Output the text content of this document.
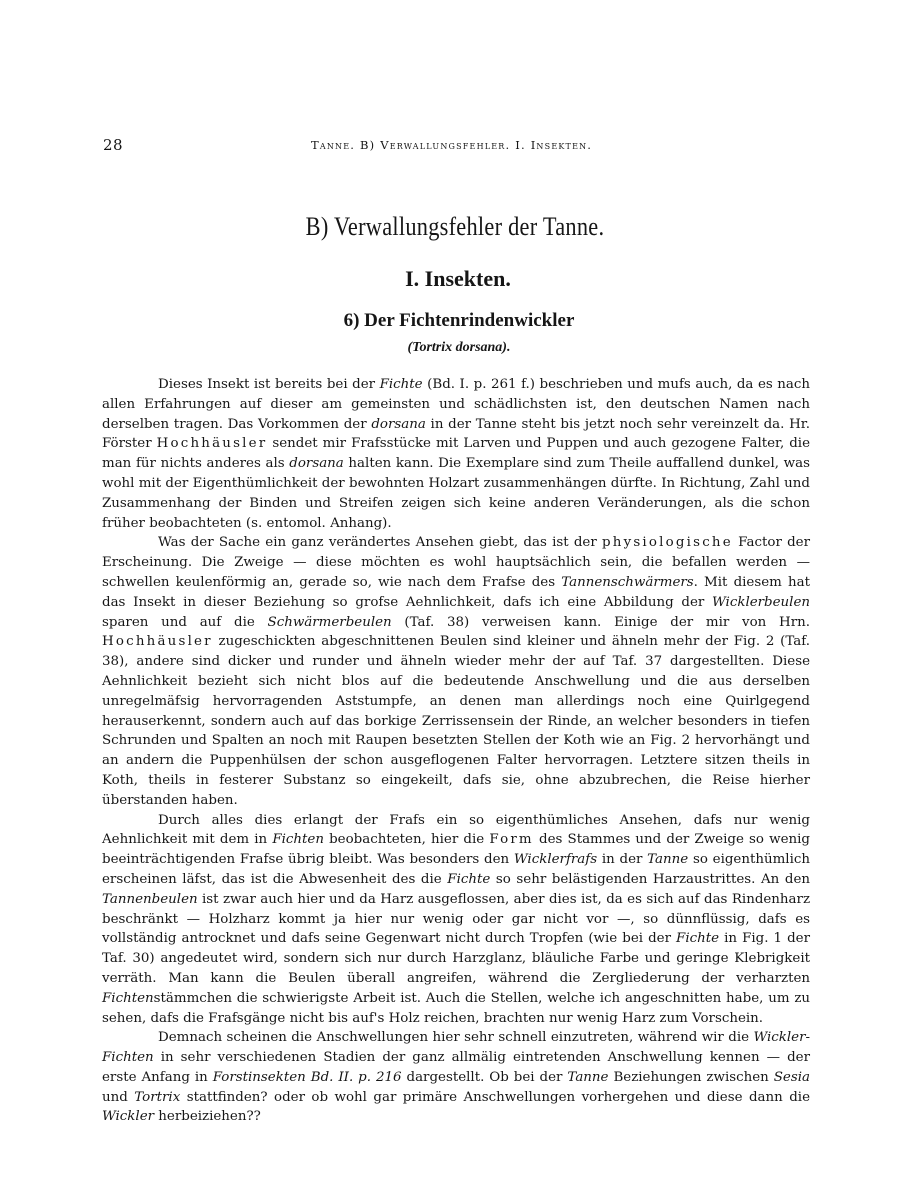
28	Tanne. B) Verwallungsfehler. I. Insekten.
B) Verwallungsfehler der Tanne.
I. Insekten.
6) Der Fichtenrindenwickler
(Tortrix dorsana).

Dieses Insekt ist bereits bei der Fichte (Bd. I. p. 261 f.) beschrieben und mufs auch, da es nach allen Erfahrungen auf dieser am gemeinsten und schädlichsten ist, den deutschen Namen nach derselben tragen. Das Vorkommen der dorsana in der Tanne steht bis jetzt noch sehr vereinzelt da. Hr. Förster Hochhäusler sendet mir Frafsstücke mit Larven und Puppen und auch gezogene Falter, die man für nichts anderes als dorsana halten kann. Die Exemplare sind zum Theile auffallend dunkel, was wohl mit der Eigenthümlichkeit der bewohnten Holzart zusammenhängen dürfte. In Richtung, Zahl und Zusammenhang der Binden und Streifen zeigen sich keine anderen Veränderungen, als die schon früher beobachteten (s. entomol. Anhang).

Was der Sache ein ganz verändertes Ansehen giebt, das ist der physiologische Factor der Erscheinung. Die Zweige — diese möchten es wohl hauptsächlich sein, die befallen werden — schwellen keulenförmig an, gerade so, wie nach dem Frafse des Tannenschwärmers. Mit diesem hat das Insekt in dieser Beziehung so grofse Aehnlichkeit, dafs ich eine Abbildung der Wicklerbeulen sparen und auf die Schwärmerbeulen (Taf. 38) verweisen kann. Einige der mir von Hrn. Hochhäusler zugeschickten abgeschnittenen Beulen sind kleiner und ähneln mehr der Fig. 2 (Taf. 38), andere sind dicker und runder und ähneln wieder mehr der auf Taf. 37 dargestellten. Diese Aehnlichkeit bezieht sich nicht blos auf die bedeutende Anschwellung und die aus derselben unregelmäfsig hervorragenden Aststumpfe, an denen man allerdings noch eine Quirlgegend herauserkennt, sondern auch auf das borkige Zerrissensein der Rinde, an welcher besonders in tiefen Schrunden und Spalten an noch mit Raupen besetzten Stellen der Koth wie an Fig. 2 hervorhängt und an andern die Puppenhülsen der schon ausgeflogenen Falter hervorragen. Letztere sitzen theils in Koth, theils in festerer Substanz so eingekeilt, dafs sie, ohne abzubrechen, die Reise hierher überstanden haben.

Durch alles dies erlangt der Frafs ein so eigenthümliches Ansehen, dafs nur wenig Aehnlichkeit mit dem in Fichten beobachteten, hier die Form des Stammes und der Zweige so wenig beeinträchtigenden Frafse übrig bleibt. Was besonders den Wicklerfrafs in der Tanne so eigenthümlich erscheinen läfst, das ist die Abwesenheit des die Fichte so sehr belästigenden Harzaustrittes. An den Tannenbeulen ist zwar auch hier und da Harz ausgeflossen, aber dies ist, da es sich auf das Rindenharz beschränkt — Holzharz kommt ja hier nur wenig oder gar nicht vor —, so dünnflüssig, dafs es vollständig antrocknet und dafs seine Gegenwart nicht durch Tropfen (wie bei der Fichte in Fig. 1 der Taf. 30) angedeutet wird, sondern sich nur durch Harzglanz, bläuliche Farbe und geringe Klebrigkeit verräth. Man kann die Beulen überall angreifen, während die Zergliederung der verharzten Fichtenstämmchen die schwierigste Arbeit ist. Auch die Stellen, welche ich angeschnitten habe, um zu sehen, dafs die Frafsgänge nicht bis auf's Holz reichen, brachten nur wenig Harz zum Vorschein.

Demnach scheinen die Anschwellungen hier sehr schnell einzutreten, während wir die Wickler-Fichten in sehr verschiedenen Stadien der ganz allmälig eintretenden Anschwellung kennen — der erste Anfang in Forstinsekten Bd. II. p. 216 dargestellt. Ob bei der Tanne Beziehungen zwischen Sesia und Tortrix stattfinden? oder ob wohl gar primäre Anschwellungen vorhergehen und diese dann die Wickler herbeiziehen??
